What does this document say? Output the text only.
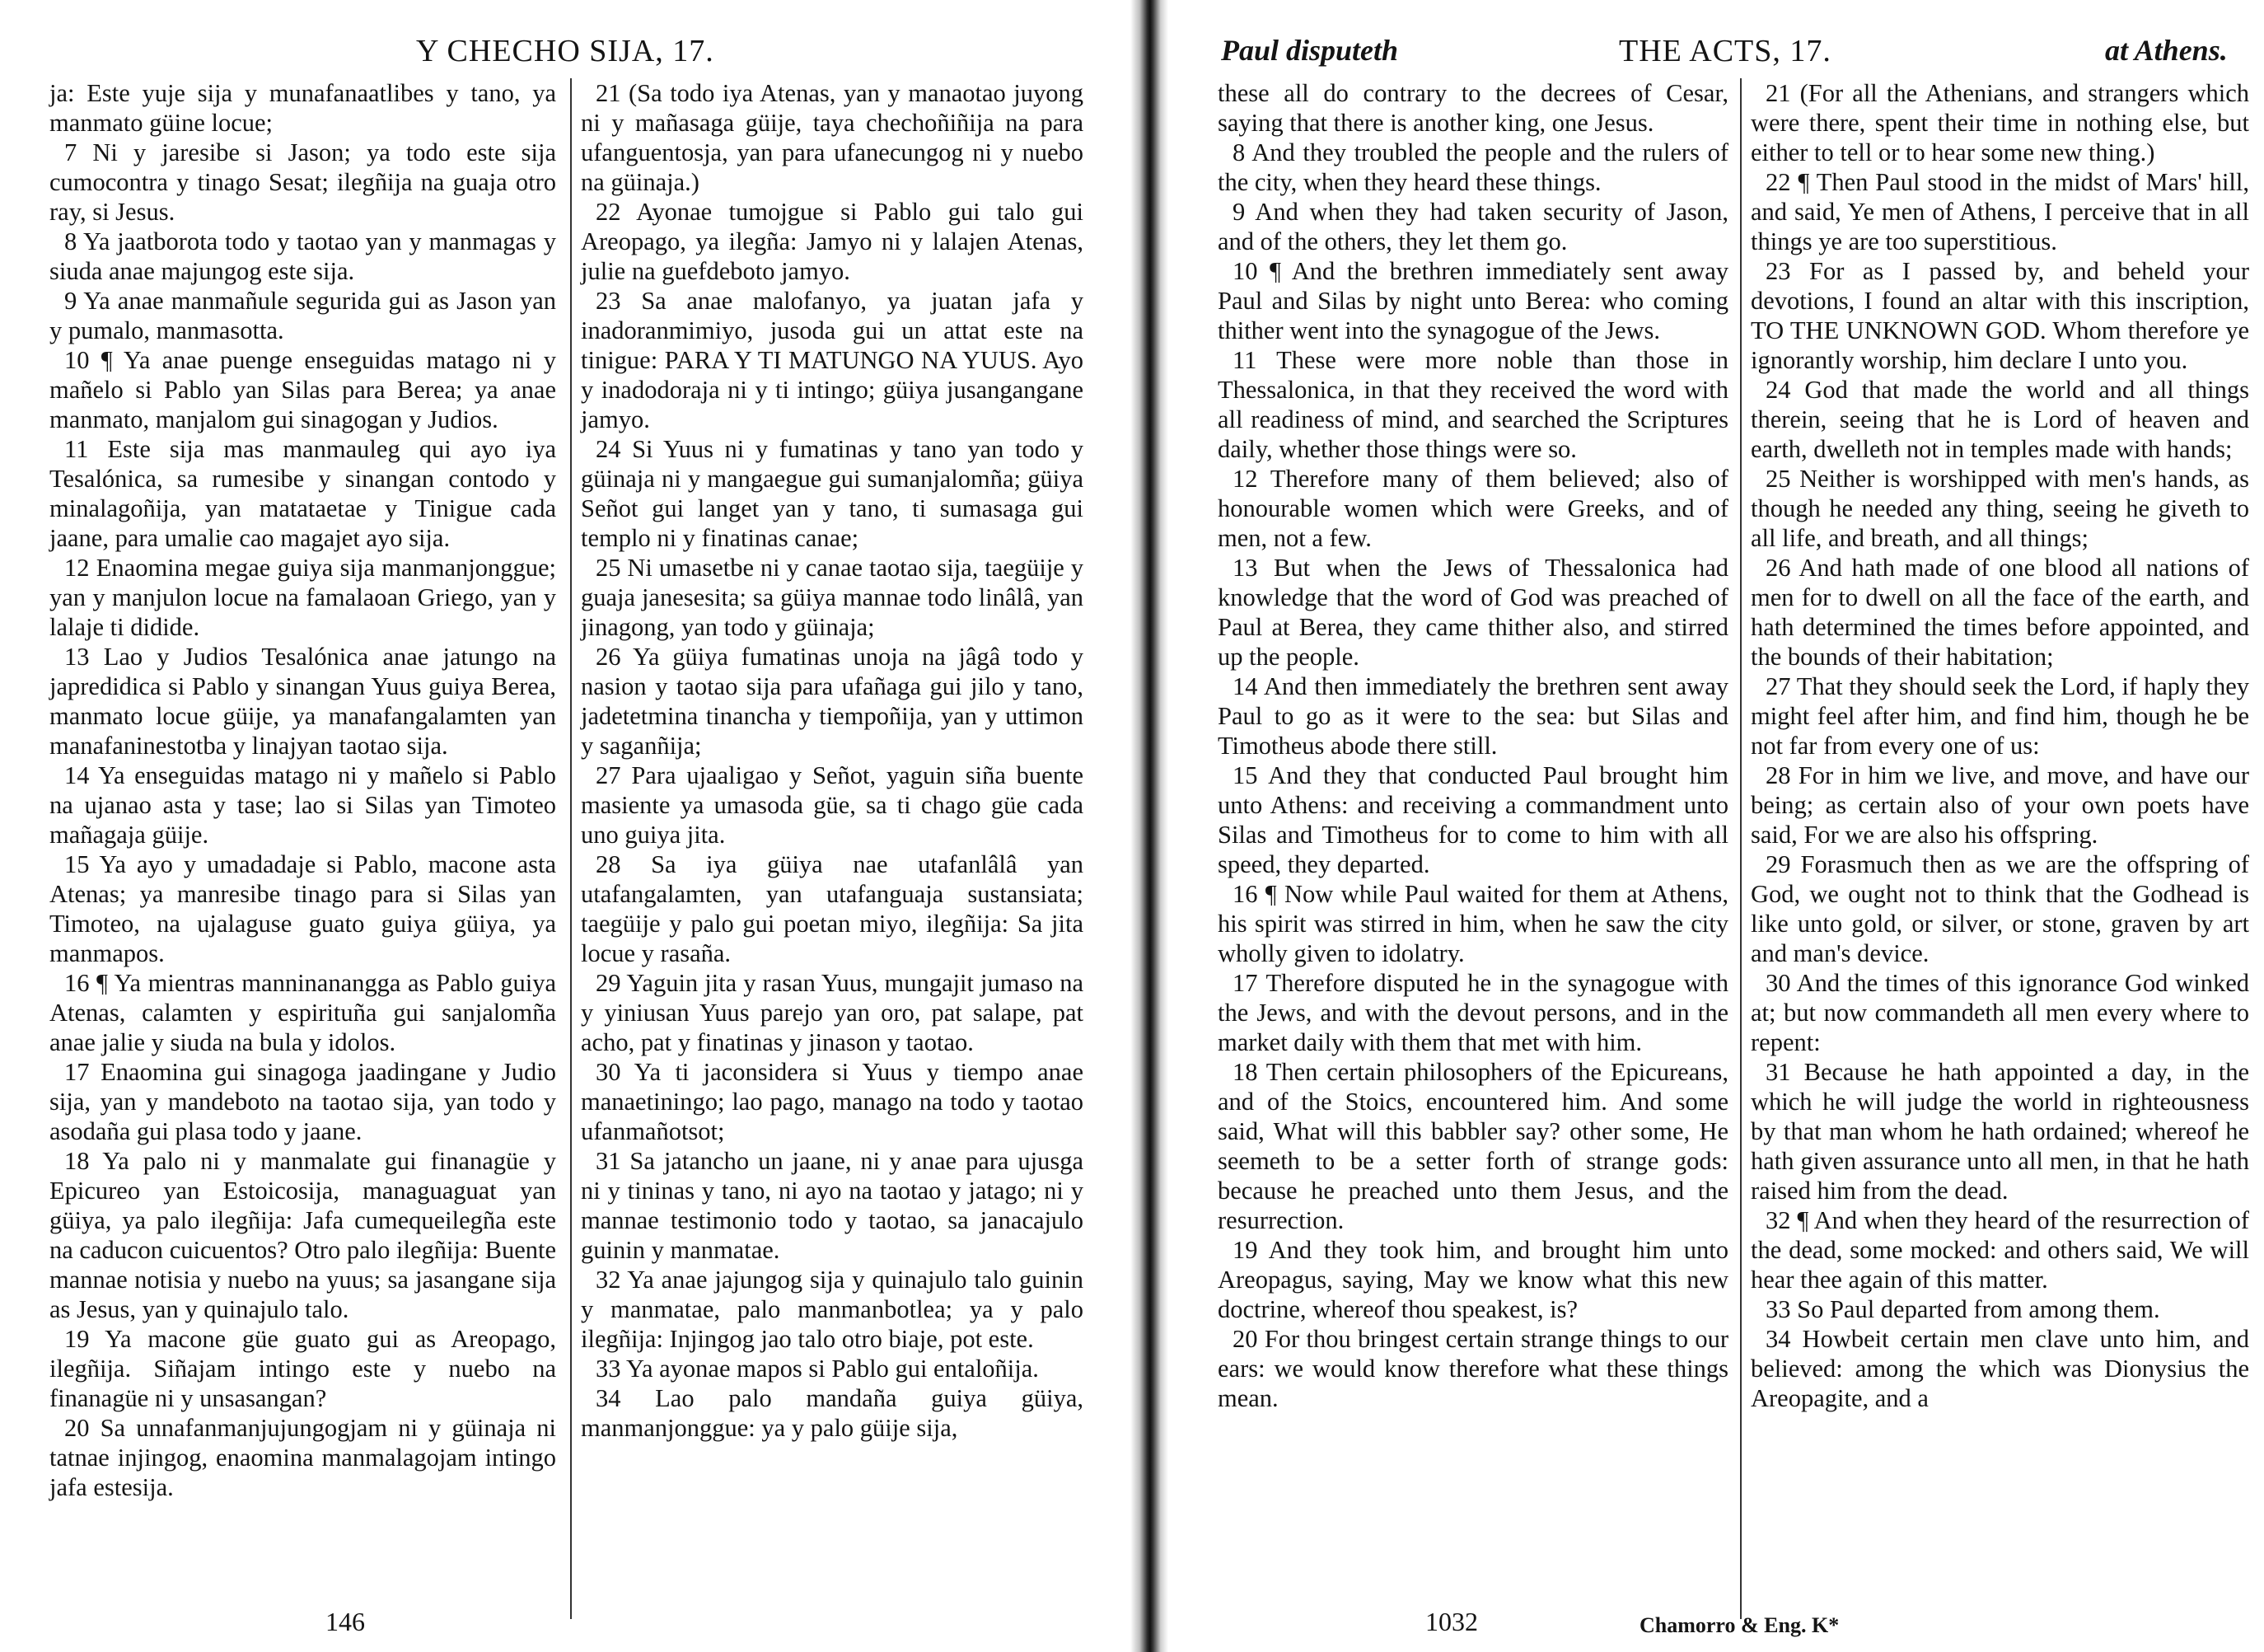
Y CHECHO SIJA, 17.

ja: Este yuje sija y munafanaatlibes y tano, ya manmato güine locue;

7 Ni y jaresibe si Jason; ya todo este sija cumocontra y tinago Sesat; ilegñija na guaja otro ray, si Jesus.

8 Ya jaatborota todo y taotao yan y manmagas y siuda anae majungog este sija.

9 Ya anae manmañule segurida gui as Jason yan y pumalo, manmasotta.

10 ¶ Ya anae puenge enseguidas matago ni y mañelo si Pablo yan Silas para Berea; ya anae manmato, manjalom gui sinagogan y Judios.

11 Este sija mas manmauleg qui ayo iya Tesalónica, sa rumesibe y sinangan contodo y minalagoñija, yan matataetae y Tinigue cada jaane, para umalie cao magajet ayo sija.

12 Enaomina megae guiya sija manmanjonggue; yan y manjulon locue na famalaoan Griego, yan y lalaje ti didide.

13 Lao y Judios Tesalónica anae jatungo na japredidica si Pablo y sinangan Yuus guiya Berea, manmato locue güije, ya manafangalamten yan manafaninestotba y linajyan taotao sija.

14 Ya enseguidas matago ni y mañelo si Pablo na ujanao asta y tase; lao si Silas yan Timoteo mañagaja güije.

15 Ya ayo y umadadaje si Pablo, macone asta Atenas; ya manresibe tinago para si Silas yan Timoteo, na ujalaguse guato guiya güiya, ya manmapos.

16 ¶ Ya mientras manninanangga as Pablo guiya Atenas, calamten y espirituña gui sanjalomña anae jalie y siuda na bula y idolos.

17 Enaomina gui sinagoga jaadingane y Judio sija, yan y mandeboto na taotao sija, yan todo y asodaña gui plasa todo y jaane.

18 Ya palo ni y manmalate gui finanagüe y Epicureo yan Estoicosija, managuaguat yan güiya, ya palo ilegñija: Jafa cumequeilegña este na caducon cuicuentos? Otro palo ilegñija: Buente mannae notisia y nuebo na yuus; sa jasangane sija as Jesus, yan y quinajulo talo.

19 Ya macone güe guato gui as Areopago, ilegñija. Siñajam intingo este y nuebo na finanagüe ni y unsasangan?

20 Sa unnafanmanjujungogjam ni y güinaja ni tatnae injingog, enaomina manmalagojam intingo jafa estesija.

21 (Sa todo iya Atenas, yan y manaotao juyong ni y mañasaga güije, taya chechoñiñija na para ufanguentosja, yan para ufanecungog ni y nuebo na güinaja.)

22 Ayonae tumojgue si Pablo gui talo gui Areopago, ya ilegña: Jamyo ni y lalajen Atenas, julie na guefdeboto jamyo.

23 Sa anae malofanyo, ya juatan jafa y inadoranmimiyo, jusoda gui un attat este na tinigue: PARA Y TI MATUNGO NA YUUS. Ayo y inadodoraja ni y ti intingo; güiya jusangangane jamyo.

24 Si Yuus ni y fumatinas y tano yan todo y güinaja ni y mangaegue gui sumanjalomña; güiya Señot gui langet yan y tano, ti sumasaga gui templo ni y finatinas canae;

25 Ni umasetbe ni y canae taotao sija, taegüije y guaja janesesita; sa güiya mannae todo linâlâ, yan jinagong, yan todo y güinaja;

26 Ya güiya fumatinas unoja na jâgâ todo y nasion y taotao sija para ufañaga gui jilo y tano, jadetetmina tinancha y tiempoñija, yan y uttimon y saganñija;

27 Para ujaaligao y Señot, yaguin siña buente masiente ya umasoda güe, sa ti chago güe cada uno guiya jita.

28 Sa iya güiya nae utafanlâlâ yan utafangalamten, yan utafanguaja sustansiata; taegüije y palo gui poetan miyo, ilegñija: Sa jita locue y rasaña.

29 Yaguin jita y rasan Yuus, mungajit jumaso na y yiniusan Yuus parejo yan oro, pat salape, pat acho, pat y finatinas y jinason y taotao.

30 Ya ti jaconsidera si Yuus y tiempo anae manaetiningo; lao pago, manago na todo y taotao ufanmañotsot;

31 Sa jatancho un jaane, ni y anae para ujusga ni y tininas y tano, ni ayo na taotao y jatago; ni y mannae testimonio todo y taotao, sa janacajulo guinin y manmatae.

32 Ya anae jajungog sija y quinajulo talo guinin y manmatae, palo manmanbotlea; ya y palo ilegñija: Injingog jao talo otro biaje, pot este.

33 Ya ayonae mapos si Pablo gui entaloñija.

34 Lao palo mandaña guiya güiya, manmanjonggue: ya y palo güije sija,

146
Paul disputeth	THE ACTS, 17.	at Athens.

these all do contrary to the decrees of Cesar, saying that there is another king, one Jesus.

8 And they troubled the people and the rulers of the city, when they heard these things.

9 And when they had taken security of Jason, and of the others, they let them go.

10 ¶ And the brethren immediately sent away Paul and Silas by night unto Berea: who coming thither went into the synagogue of the Jews.

11 These were more noble than those in Thessalonica, in that they received the word with all readiness of mind, and searched the Scriptures daily, whether those things were so.

12 Therefore many of them believed; also of honourable women which were Greeks, and of men, not a few.

13 But when the Jews of Thessalonica had knowledge that the word of God was preached of Paul at Berea, they came thither also, and stirred up the people.

14 And then immediately the brethren sent away Paul to go as it were to the sea: but Silas and Timotheus abode there still.

15 And they that conducted Paul brought him unto Athens: and receiving a commandment unto Silas and Timotheus for to come to him with all speed, they departed.

16 ¶ Now while Paul waited for them at Athens, his spirit was stirred in him, when he saw the city wholly given to idolatry.

17 Therefore disputed he in the synagogue with the Jews, and with the devout persons, and in the market daily with them that met with him.

18 Then certain philosophers of the Epicureans, and of the Stoics, encountered him. And some said, What will this babbler say? other some, He seemeth to be a setter forth of strange gods: because he preached unto them Jesus, and the resurrection.

19 And they took him, and brought him unto Areopagus, saying, May we know what this new doctrine, whereof thou speakest, is?

20 For thou bringest certain strange things to our ears: we would know therefore what these things mean.

21 (For all the Athenians, and strangers which were there, spent their time in nothing else, but either to tell or to hear some new thing.)

22 ¶ Then Paul stood in the midst of Mars' hill, and said, Ye men of Athens, I perceive that in all things ye are too superstitious.

23 For as I passed by, and beheld your devotions, I found an altar with this inscription, TO THE UNKNOWN GOD. Whom therefore ye ignorantly worship, him declare I unto you.

24 God that made the world and all things therein, seeing that he is Lord of heaven and earth, dwelleth not in temples made with hands;

25 Neither is worshipped with men's hands, as though he needed any thing, seeing he giveth to all life, and breath, and all things;

26 And hath made of one blood all nations of men for to dwell on all the face of the earth, and hath determined the times before appointed, and the bounds of their habitation;

27 That they should seek the Lord, if haply they might feel after him, and find him, though he be not far from every one of us:

28 For in him we live, and move, and have our being; as certain also of your own poets have said, For we are also his offspring.

29 Forasmuch then as we are the offspring of God, we ought not to think that the Godhead is like unto gold, or silver, or stone, graven by art and man's device.

30 And the times of this ignorance God winked at; but now commandeth all men every where to repent:

31 Because he hath appointed a day, in the which he will judge the world in righteousness by that man whom he hath ordained; whereof he hath given assurance unto all men, in that he hath raised him from the dead.

32 ¶ And when they heard of the resurrection of the dead, some mocked: and others said, We will hear thee again of this matter.

33 So Paul departed from among them.

34 Howbeit certain men clave unto him, and believed: among the which was Dionysius the Areopagite, and a

1032	Chamorro & Eng. K*
